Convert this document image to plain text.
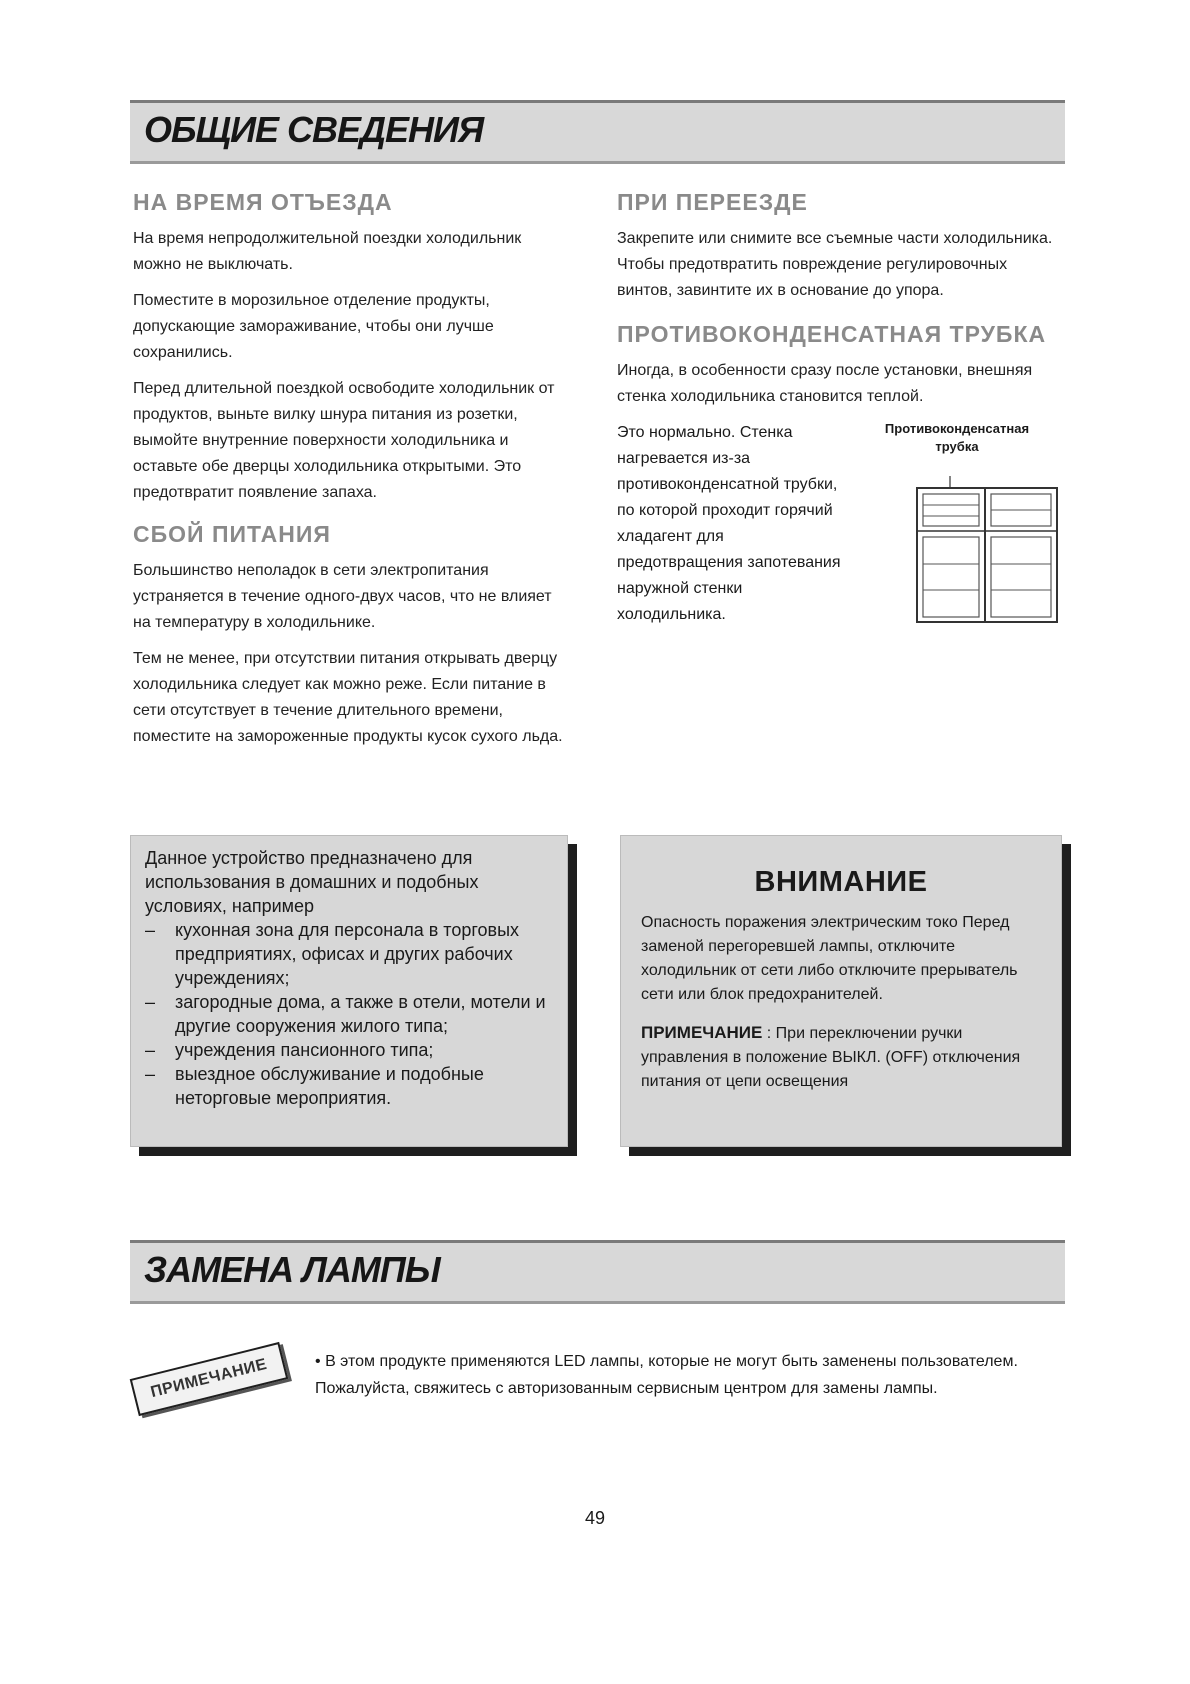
ОБЩИЕ СВЕДЕНИЯ
НА ВРЕМЯ ОТЪЕЗДА

На время непродолжительной поездки холодильник можно не выключать.

Поместите в морозильное отделение продукты, допускающие замораживание, чтобы они лучше сохранились.

Перед длительной поездкой освободите холодильник от продуктов, выньте вилку шнура питания из розетки, вымойте внутренние поверхности холодильника и оставьте обе дверцы холодильника открытыми. Это предотвратит появление запаха.

СБОЙ ПИТАНИЯ

Большинство неполадок в сети электропитания устраняется в течение одного-двух часов, что не влияет на температуру в холодильнике.

Тем не менее, при отсутствии питания открывать дверцу холодильника следует как можно реже. Если питание в сети отсутствует в течение длительного времени, поместите на замороженные продукты кусок сухого льда.

ПРИ ПЕРЕЕЗДЕ

Закрепите или снимите все съемные части холодильника.

Чтобы предотвратить повреждение регулировочных винтов, завинтите их в основание до упора.

ПРОТИВОКОНДЕНСАТНАЯ ТРУБКА

Иногда, в особенности сразу после установки, внешняя стенка холодильника становится теплой.

Это нормально. Стенка нагревается из-за противоконденсатной трубки, по которой проходит горячий хладагент для предотвращения запотевания наружной стенки холодильника.
Противоконденсатная трубка

Данное устройство предназначено для использования в домашних и подобных условиях, например

– кухонная зона для персонала в торговых предприятиях, офисах и других рабочих учреждениях;
– загородные дома, а также в отели, мотели и другие сооружения жилого типа;
– учреждения пансионного типа;
– выездное обслуживание и подобные неторговые мероприятия.
ВНИМАНИЕ

Опасность поражения электрическим токо Перед заменой перегоревшей лампы, отключите холодильник от сети либо отключите прерыватель сети или блок предохранителей.

ПРИМЕЧАНИЕ : При переключении ручки управления в положение ВЫКЛ. (OFF) отключения питания от цепи освещения

ЗАМЕНА ЛАМПЫ
ПРИМЕЧАНИЕ	• В этом продукте применяются LED лампы, которые не могут быть заменены пользователем. Пожалуйста, свяжитесь с авторизованным сервисным центром для замены лампы.
49
